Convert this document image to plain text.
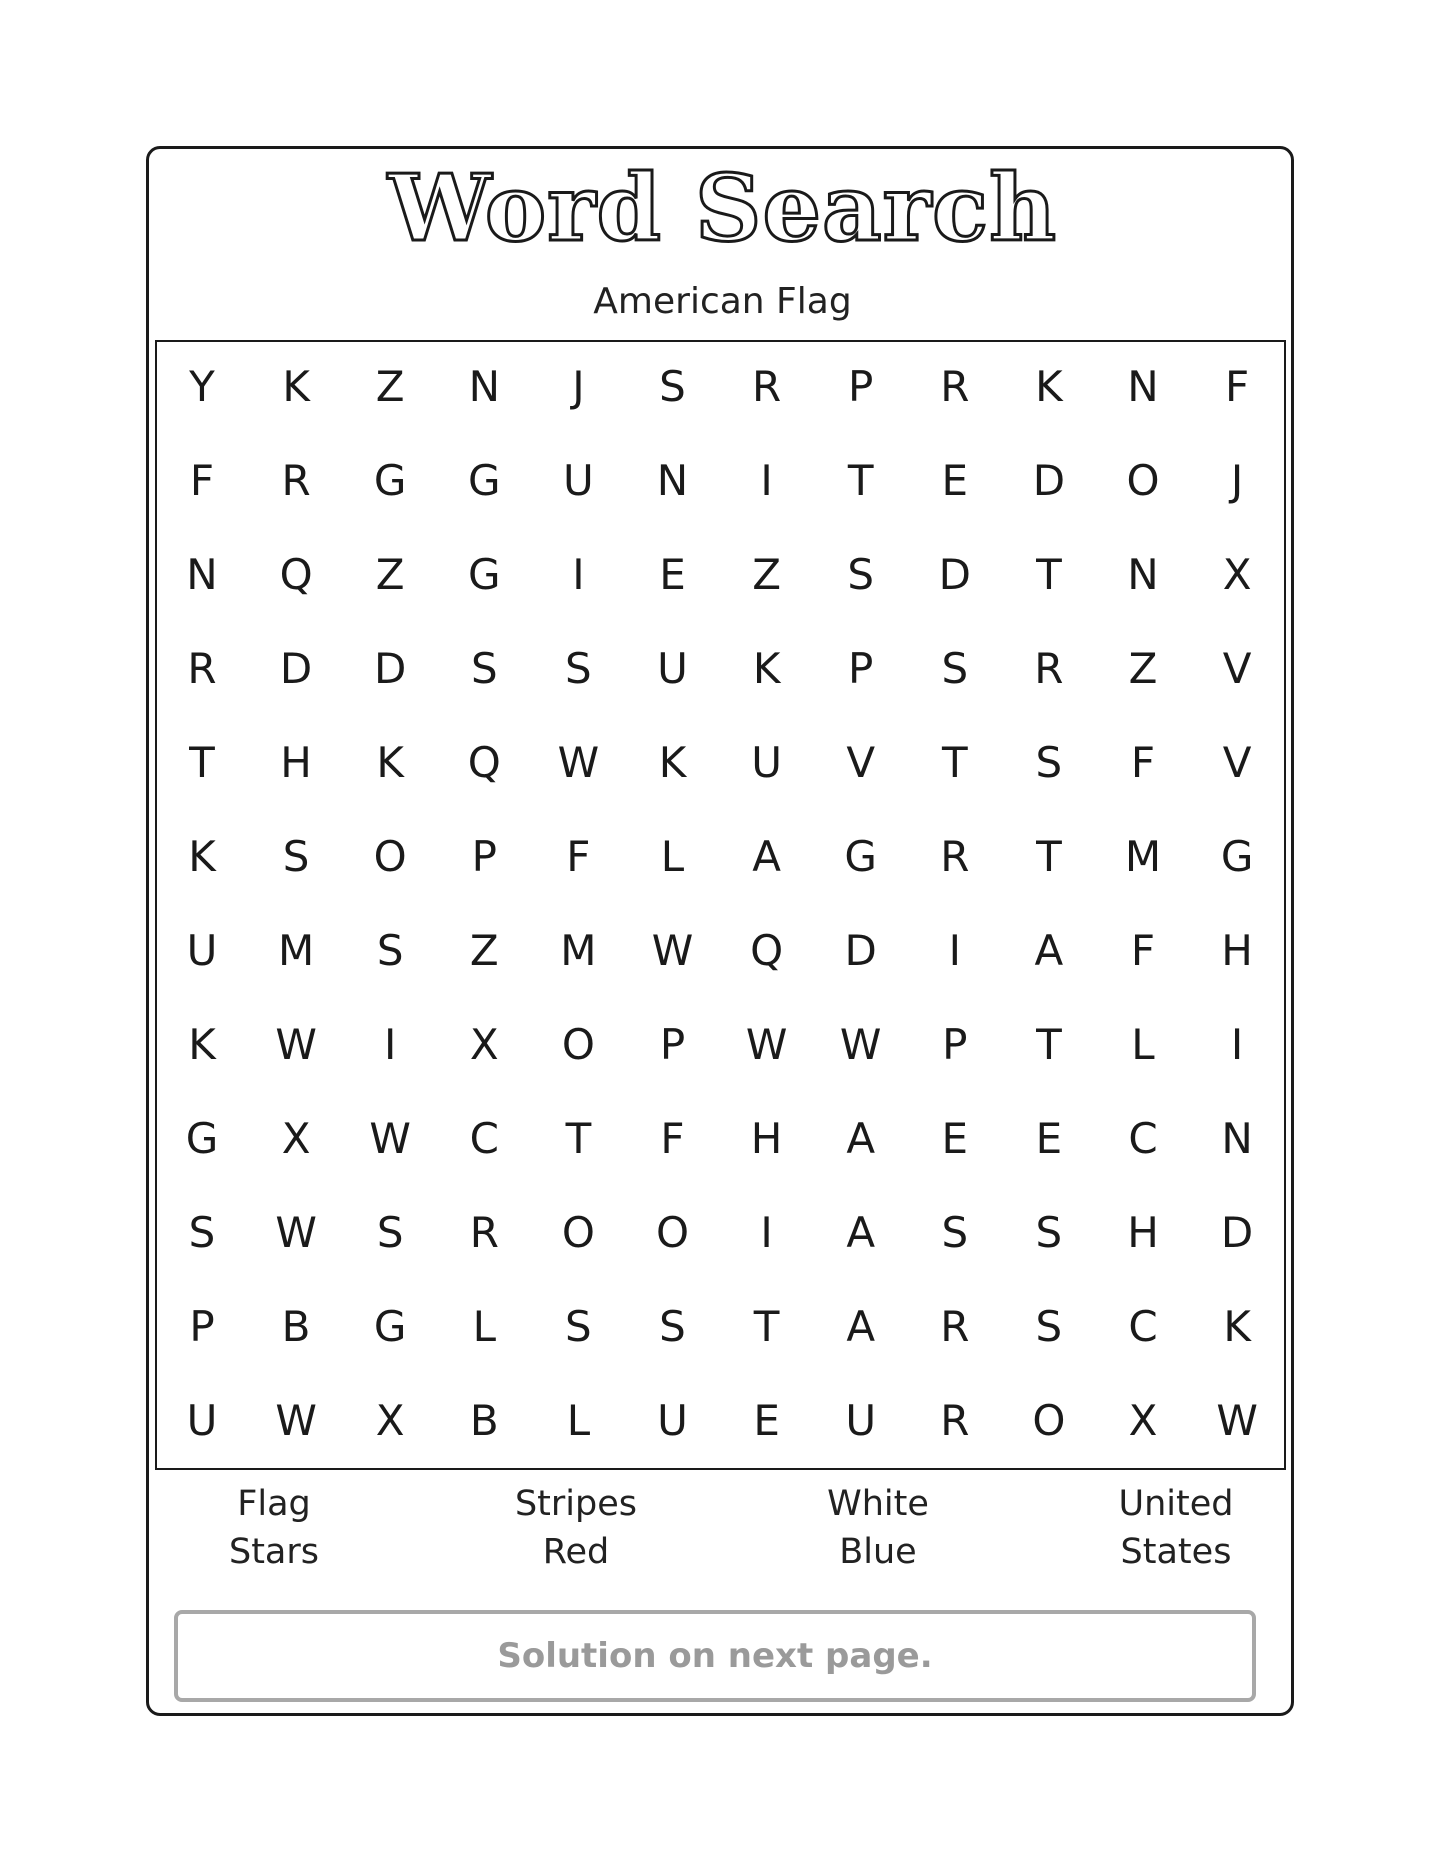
Word Search
American Flag
Y	K	Z	N	J	S	R	P	R	K	N	F
F	R	G	G	U	N	I	T	E	D	O	J
N	Q	Z	G	I	E	Z	S	D	T	N	X
R	D	D	S	S	U	K	P	S	R	Z	V
T	H	K	Q	W	K	U	V	T	S	F	V
K	S	O	P	F	L	A	G	R	T	M	G
U	M	S	Z	M	W	Q	D	I	A	F	H
K	W	I	X	O	P	W	W	P	T	L	I
G	X	W	C	T	F	H	A	E	E	C	N
S	W	S	R	O	O	I	A	S	S	H	D
P	B	G	L	S	S	T	A	R	S	C	K
U	W	X	B	L	U	E	U	R	O	X	W
Flag
Stars
Stripes
Red
White
Blue
United
States
Solution on next page.
